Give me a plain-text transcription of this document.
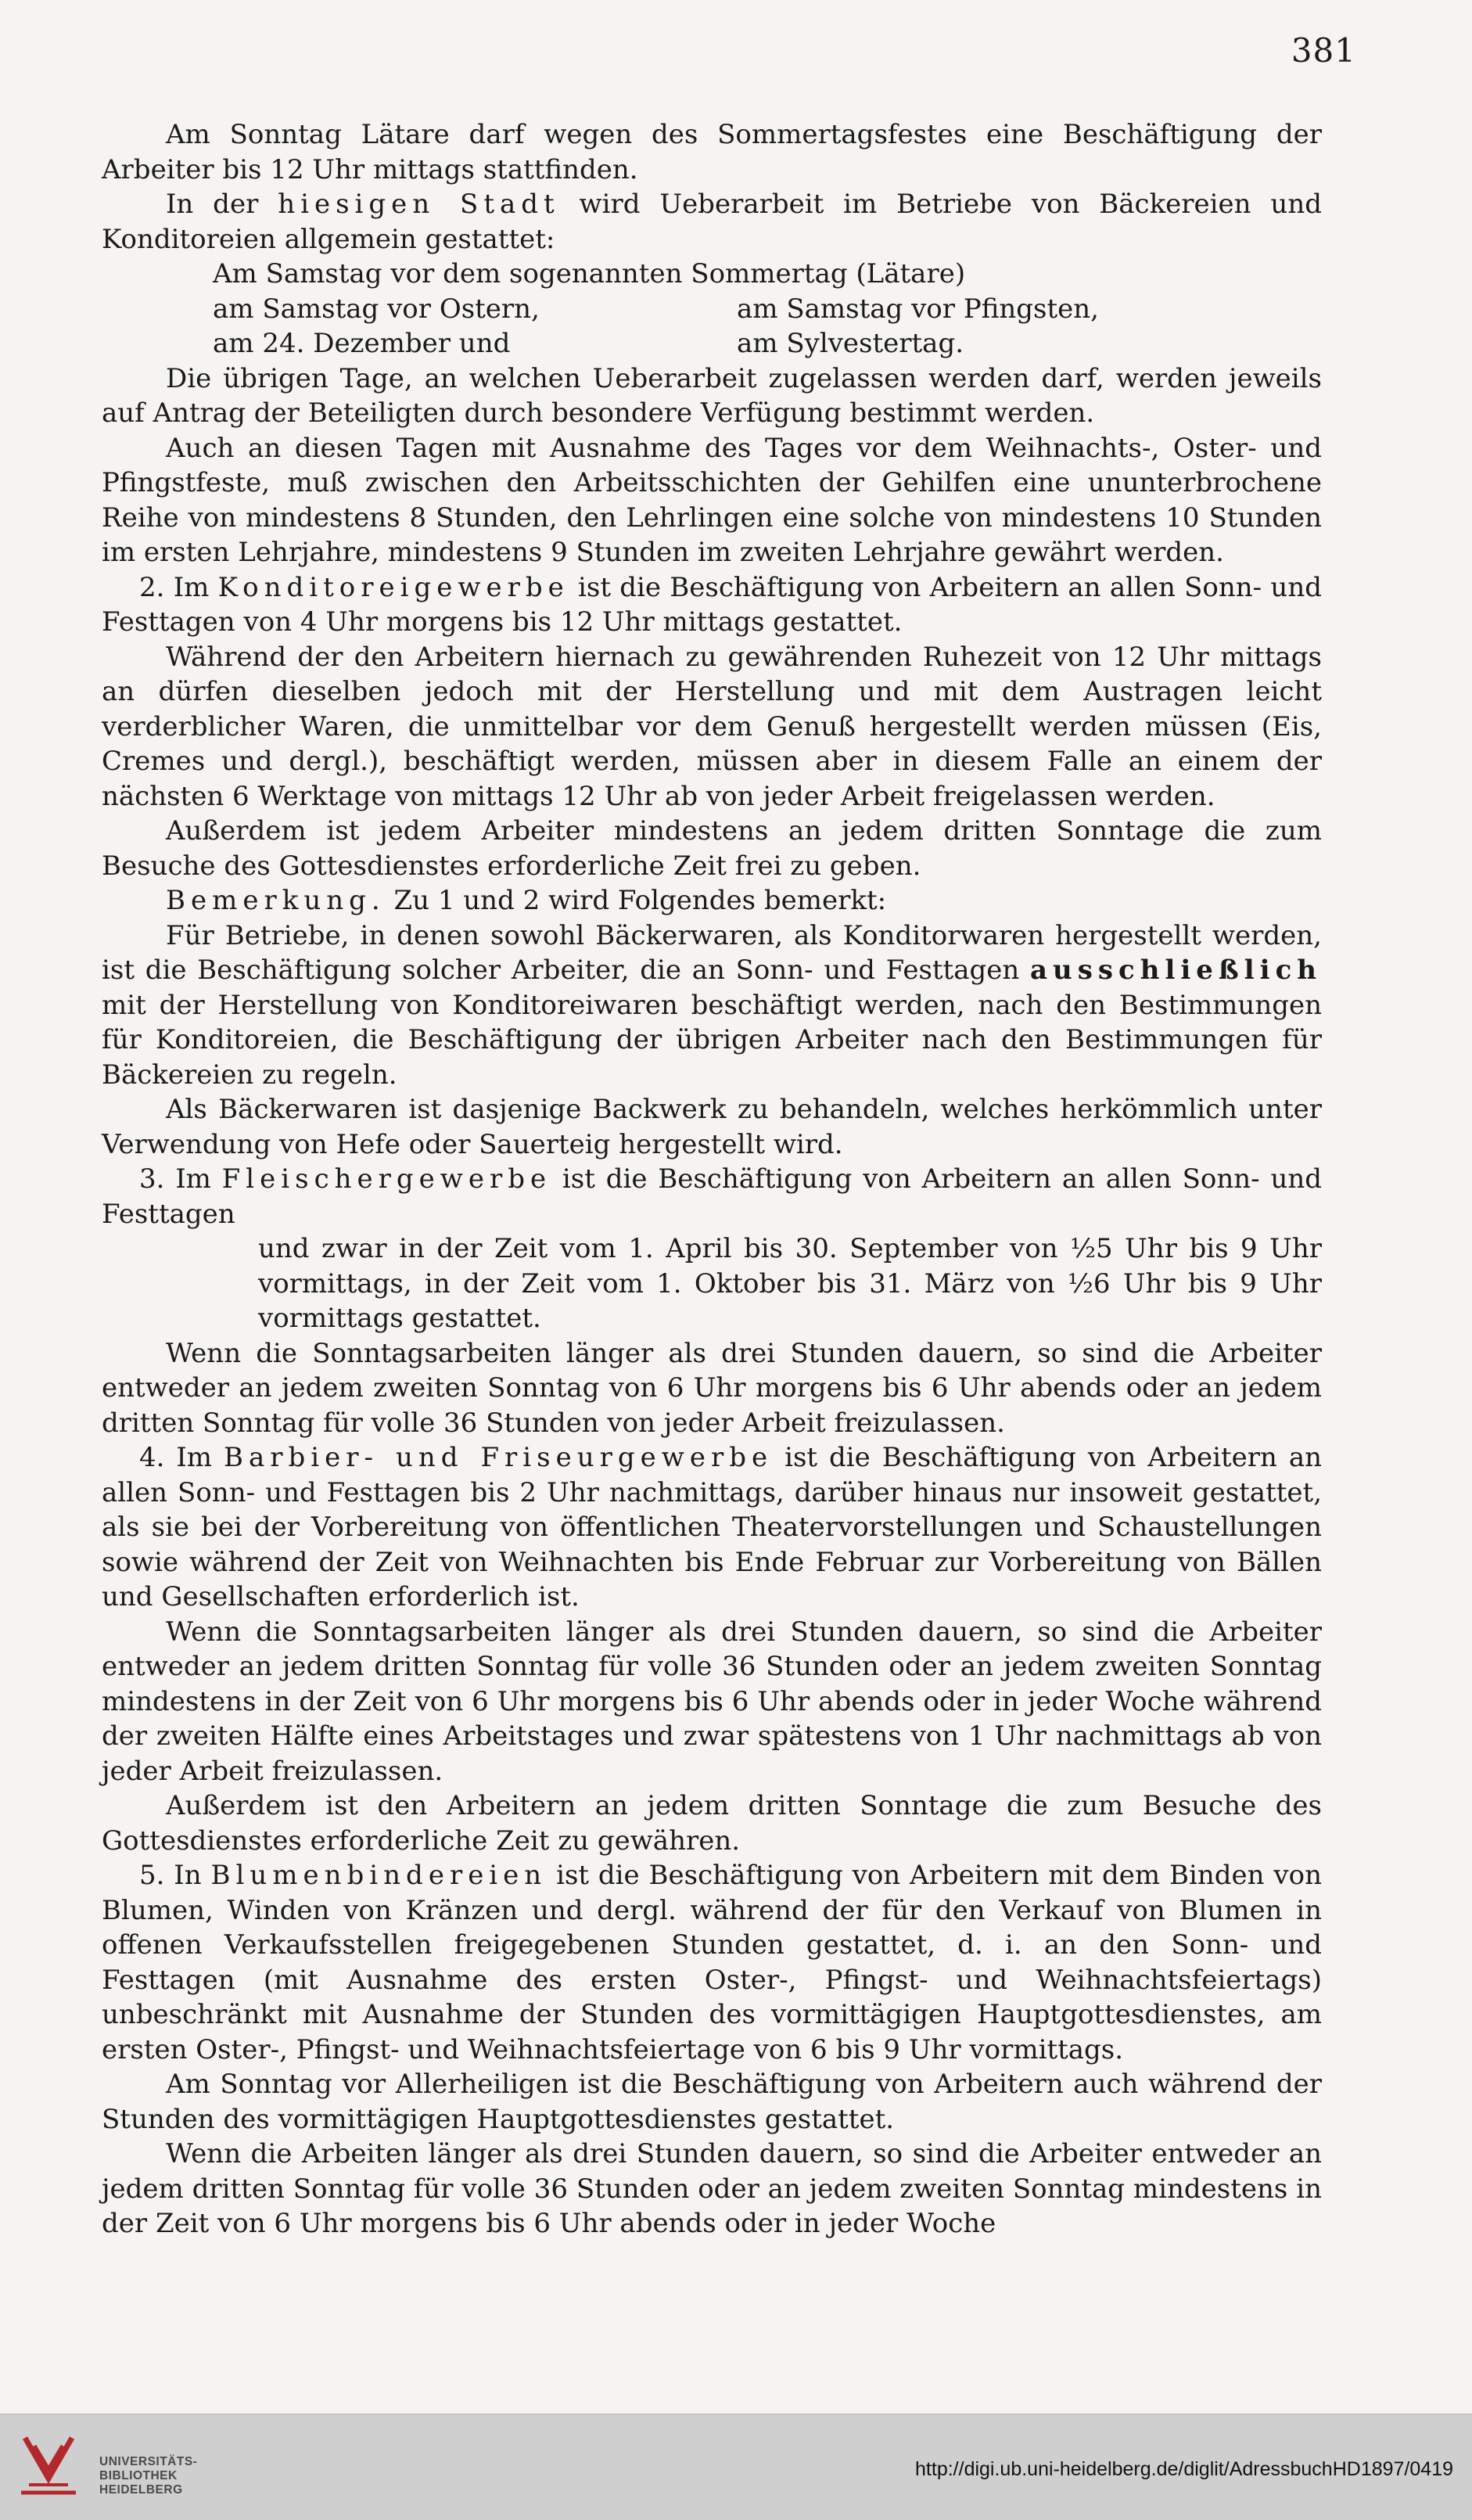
381

Am Sonntag Lätare darf wegen des Sommertagsfestes eine Beschäftigung der Arbeiter bis 12 Uhr mittags stattfinden.

In der hiesigen Stadt wird Ueberarbeit im Betriebe von Bäckereien und Konditoreien allgemein gestattet:

Am Samstag vor dem sogenannten Sommertag (Lätare)

am Samstag vor Ostern,	am Samstag vor Pfingsten,
am 24. Dezember und	am Sylvestertag.

Die übrigen Tage, an welchen Ueberarbeit zugelassen werden darf, werden jeweils auf Antrag der Beteiligten durch besondere Verfügung bestimmt werden.

Auch an diesen Tagen mit Ausnahme des Tages vor dem Weihnachts-, Oster- und Pfingstfeste, muß zwischen den Arbeitsschichten der Gehilfen eine ununterbrochene Reihe von mindestens 8 Stunden, den Lehrlingen eine solche von mindestens 10 Stunden im ersten Lehrjahre, mindestens 9 Stunden im zweiten Lehrjahre gewährt werden.

2. Im Konditoreigewerbe ist die Beschäftigung von Arbeitern an allen Sonn- und Festtagen von 4 Uhr morgens bis 12 Uhr mittags gestattet.

Während der den Arbeitern hiernach zu gewährenden Ruhezeit von 12 Uhr mittags an dürfen dieselben jedoch mit der Herstellung und mit dem Austragen leicht verderblicher Waren, die unmittelbar vor dem Genuß hergestellt werden müssen (Eis, Cremes und dergl.), beschäftigt werden, müssen aber in diesem Falle an einem der nächsten 6 Werktage von mittags 12 Uhr ab von jeder Arbeit freigelassen werden.

Außerdem ist jedem Arbeiter mindestens an jedem dritten Sonntage die zum Besuche des Gottesdienstes erforderliche Zeit frei zu geben.

Bemerkung. Zu 1 und 2 wird Folgendes bemerkt:

Für Betriebe, in denen sowohl Bäckerwaren, als Konditorwaren hergestellt werden, ist die Beschäftigung solcher Arbeiter, die an Sonn- und Festtagen ausschließlich mit der Herstellung von Konditoreiwaren beschäftigt werden, nach den Bestimmungen für Konditoreien, die Beschäftigung der übrigen Arbeiter nach den Bestimmungen für Bäckereien zu regeln.

Als Bäckerwaren ist dasjenige Backwerk zu behandeln, welches herkömmlich unter Verwendung von Hefe oder Sauerteig hergestellt wird.

3. Im Fleischergewerbe ist die Beschäftigung von Arbeitern an allen Sonn- und Festtagen

und zwar in der Zeit vom 1. April bis 30. September von ½5 Uhr bis 9 Uhr vormittags, in der Zeit vom 1. Oktober bis 31. März von ½6 Uhr bis 9 Uhr vormittags gestattet.

Wenn die Sonntagsarbeiten länger als drei Stunden dauern, so sind die Arbeiter entweder an jedem zweiten Sonntag von 6 Uhr morgens bis 6 Uhr abends oder an jedem dritten Sonntag für volle 36 Stunden von jeder Arbeit freizulassen.

4. Im Barbier- und Friseurgewerbe ist die Beschäftigung von Arbeitern an allen Sonn- und Festtagen bis 2 Uhr nachmittags, darüber hinaus nur insoweit gestattet, als sie bei der Vorbereitung von öffentlichen Theatervorstellungen und Schaustellungen sowie während der Zeit von Weihnachten bis Ende Februar zur Vorbereitung von Bällen und Gesellschaften erforderlich ist.

Wenn die Sonntagsarbeiten länger als drei Stunden dauern, so sind die Arbeiter entweder an jedem dritten Sonntag für volle 36 Stunden oder an jedem zweiten Sonntag mindestens in der Zeit von 6 Uhr morgens bis 6 Uhr abends oder in jeder Woche während der zweiten Hälfte eines Arbeitstages und zwar spätestens von 1 Uhr nachmittags ab von jeder Arbeit freizulassen.

Außerdem ist den Arbeitern an jedem dritten Sonntage die zum Besuche des Gottesdienstes erforderliche Zeit zu gewähren.

5. In Blumenbindereien ist die Beschäftigung von Arbeitern mit dem Binden von Blumen, Winden von Kränzen und dergl. während der für den Verkauf von Blumen in offenen Verkaufsstellen freigegebenen Stunden gestattet, d. i. an den Sonn- und Festtagen (mit Ausnahme des ersten Oster-, Pfingst- und Weihnachtsfeiertags) unbeschränkt mit Ausnahme der Stunden des vormittägigen Hauptgottesdienstes, am ersten Oster-, Pfingst- und Weihnachtsfeiertage von 6 bis 9 Uhr vormittags.

Am Sonntag vor Allerheiligen ist die Beschäftigung von Arbeitern auch während der Stunden des vormittägigen Hauptgottesdienstes gestattet.

Wenn die Arbeiten länger als drei Stunden dauern, so sind die Arbeiter entweder an jedem dritten Sonntag für volle 36 Stunden oder an jedem zweiten Sonntag mindestens in der Zeit von 6 Uhr morgens bis 6 Uhr abends oder in jeder Woche

UNIVERSITÄTS-
BIBLIOTHEK
HEIDELBERG
http://digi.ub.uni-heidelberg.de/diglit/AdressbuchHD1897/0419
